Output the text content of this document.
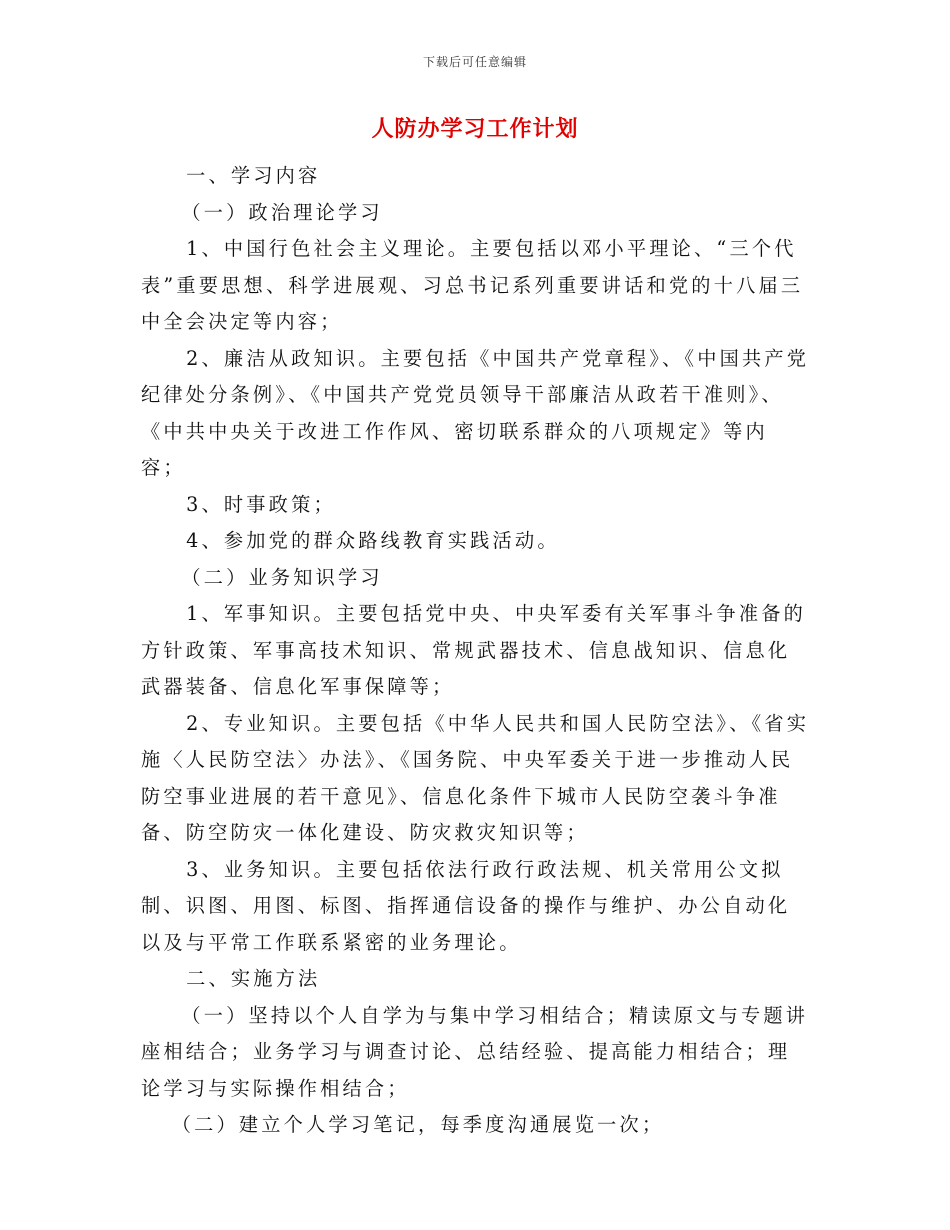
下载后可任意编辑
人防办学习工作计划

一、学习内容

（一）政治理论学习

1、中国行色社会主义理论。主要包括以邓小平理论、“三个代表”重要思想、科学进展观、习总书记系列重要讲话和党的十八届三中全会决定等内容；

2、廉洁从政知识。主要包括《中国共产党章程》、《中国共产党纪律处分条例》、《中国共产党党员领导干部廉洁从政若干准则》、《中共中央关于改进工作作风、密切联系群众的八项规定》等内容；

3、时事政策；

4、参加党的群众路线教育实践活动。

（二）业务知识学习

1、军事知识。主要包括党中央、中央军委有关军事斗争准备的方针政策、军事高技术知识、常规武器技术、信息战知识、信息化武器装备、信息化军事保障等；

2、专业知识。主要包括《中华人民共和国人民防空法》、《省实施〈人民防空法〉办法》、《国务院、中央军委关于进一步推动人民防空事业进展的若干意见》、信息化条件下城市人民防空袭斗争准备、防空防灾一体化建设、防灾救灾知识等；

3、业务知识。主要包括依法行政行政法规、机关常用公文拟制、识图、用图、标图、指挥通信设备的操作与维护、办公自动化以及与平常工作联系紧密的业务理论。

二、实施方法

（一）坚持以个人自学为与集中学习相结合；精读原文与专题讲座相结合；业务学习与调查讨论、总结经验、提高能力相结合；理论学习与实际操作相结合；

（二）建立个人学习笔记，每季度沟通展览一次；
